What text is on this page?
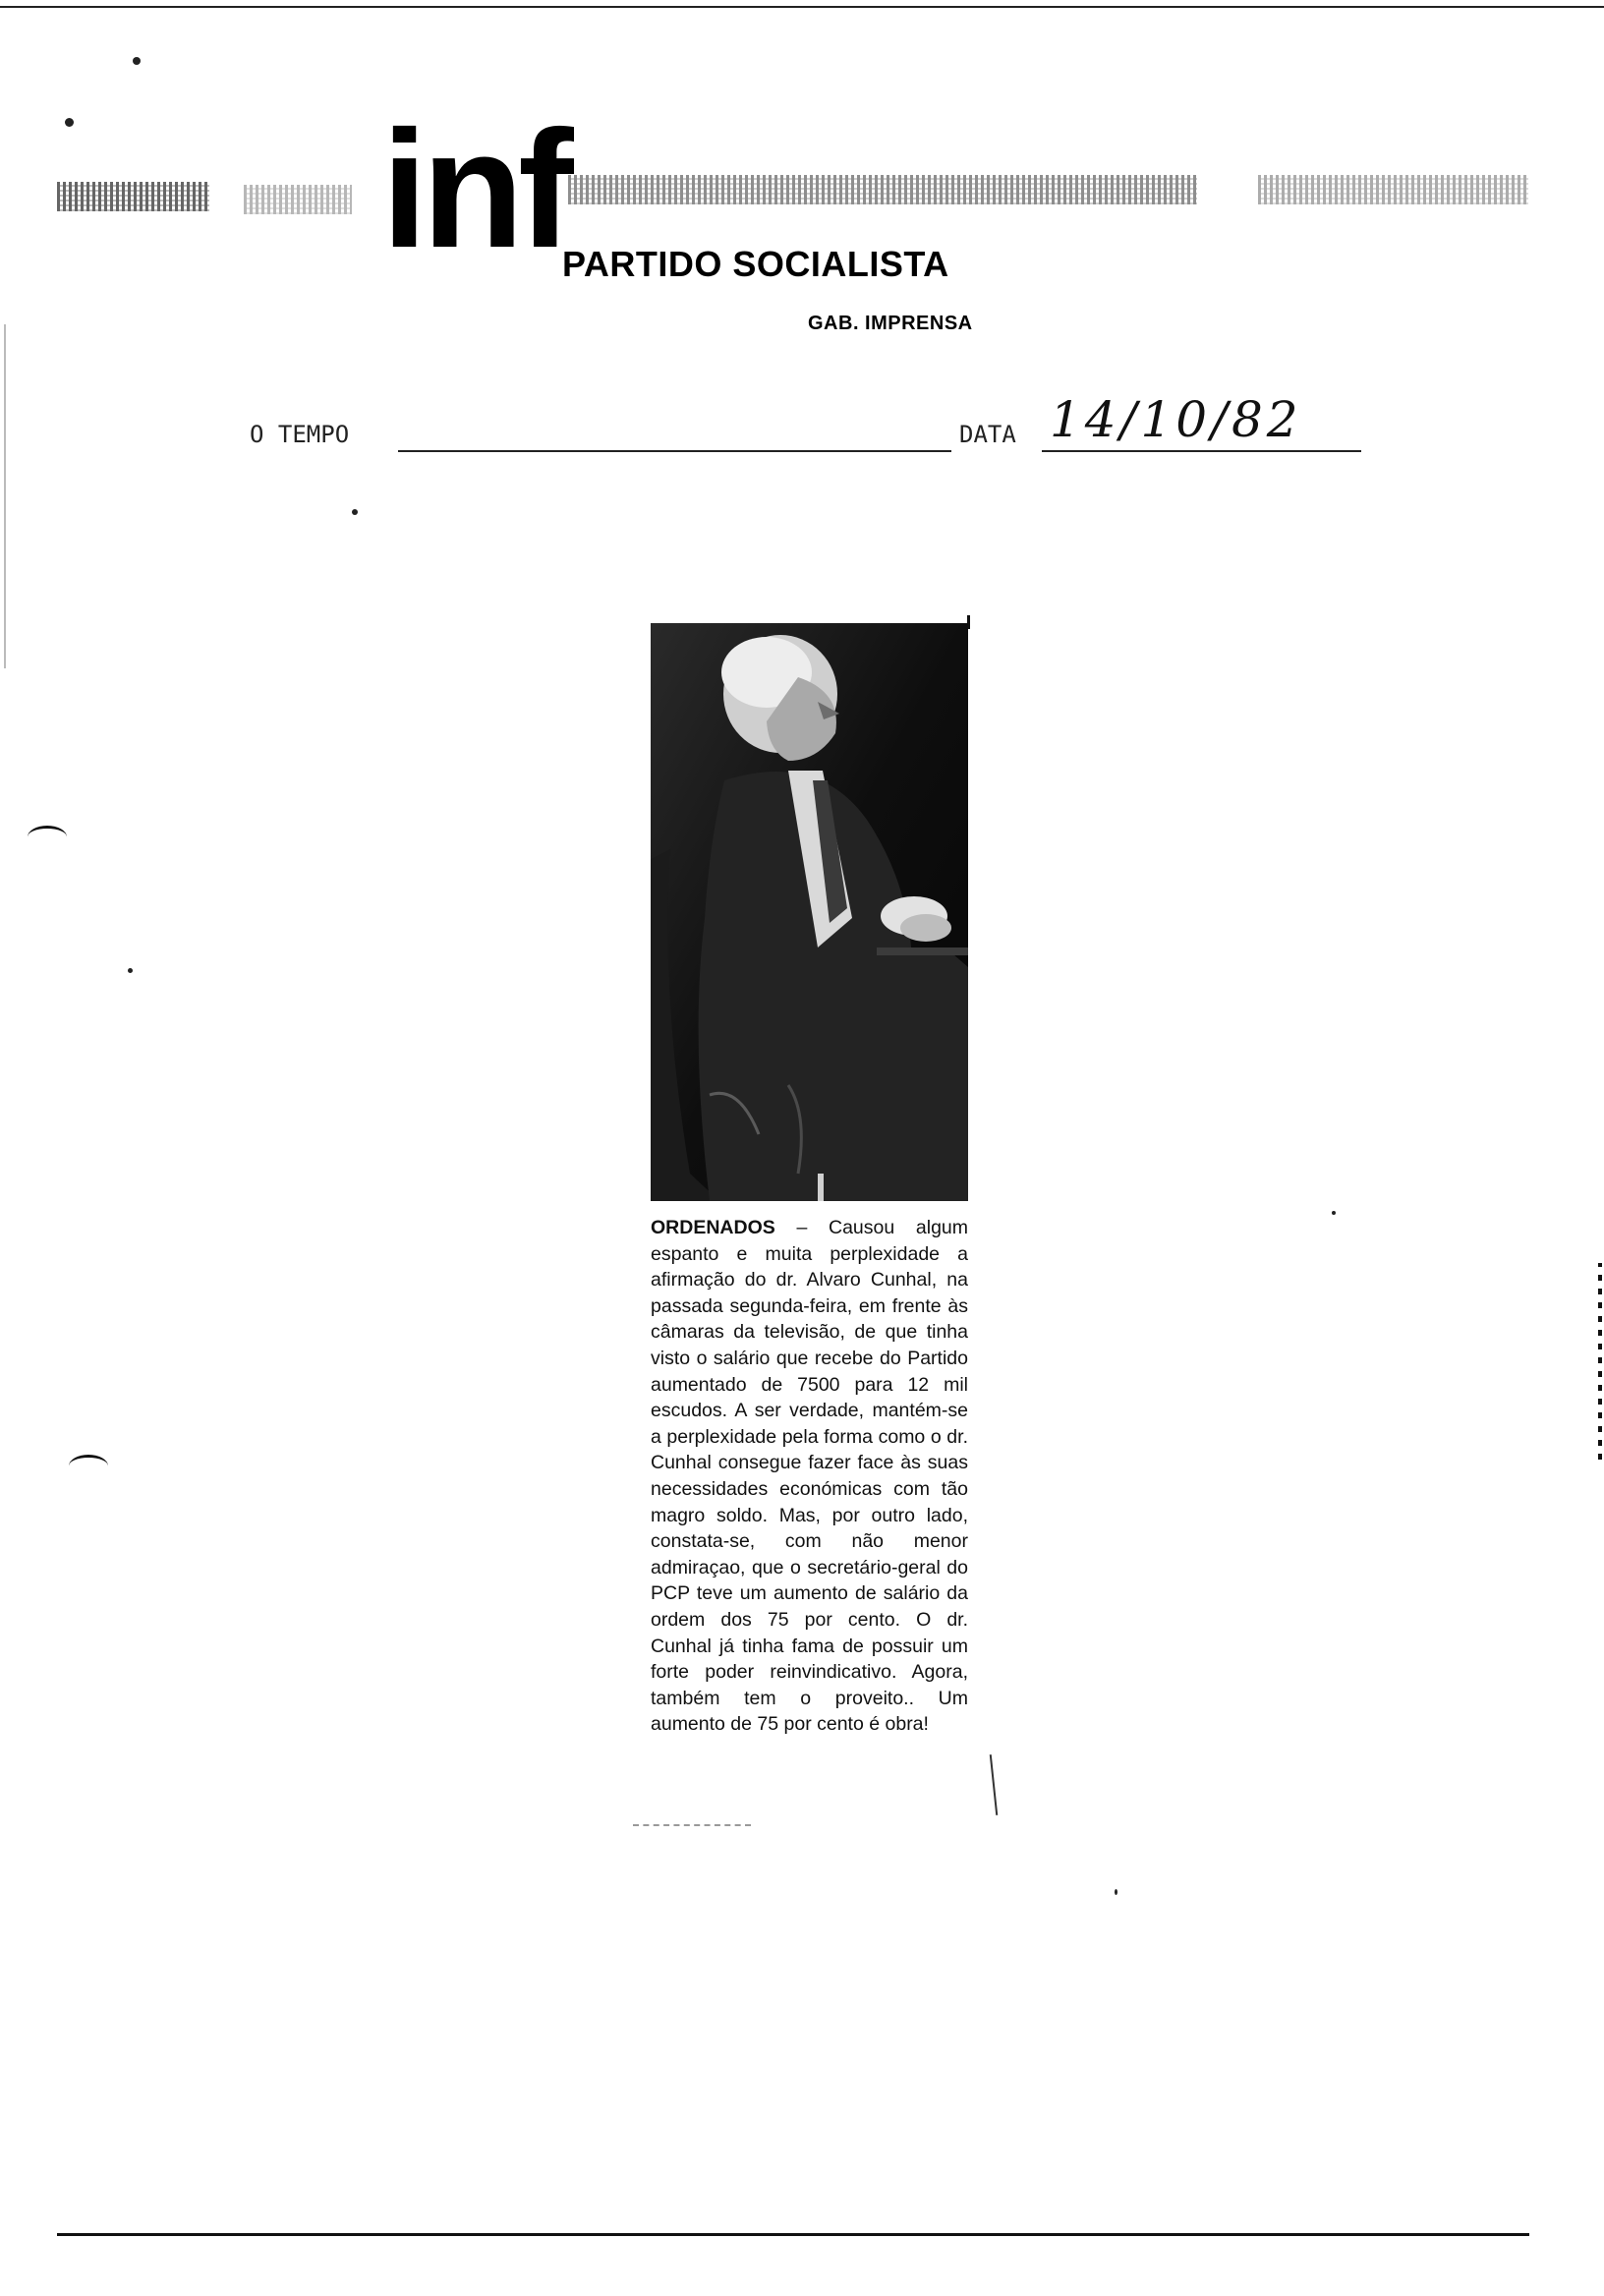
inf
PARTIDO SOCIALISTA
GAB. IMPRENSA
O TEMPO	DATA 14/10/82

ORDENADOS – Causou algum espanto e muita perplexidade a afirmação do dr. Alvaro Cunhal, na passada segunda-feira, em frente às câmaras da televisão, de que tinha visto o salário que recebe do Partido aumentado de 7500 para 12 mil escudos. A ser verdade, mantém-se a perplexidade pela forma como o dr. Cunhal consegue fazer face às suas necessidades económicas com tão magro soldo. Mas, por outro lado, constata-se, com não menor admiraçao, que o secretário-geral do PCP teve um aumento de salário da ordem dos 75 por cento. O dr. Cunhal já tinha fama de possuir um forte poder reinvindicativo. Agora, também tem o proveito.. Um aumento de 75 por cento é obra!
